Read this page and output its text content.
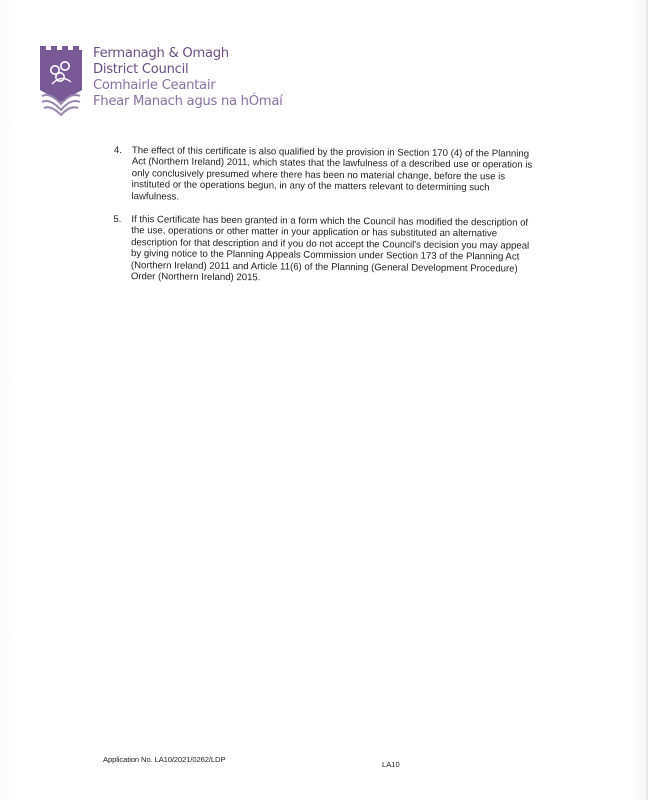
Fermanagh & Omagh
District Council
Comhairle Ceantair
Fhear Manach agus na hÓmaí
4.	The effect of this certificate is also qualified by the provision in Section 170 (4) of the Planning Act (Northern Ireland) 2011, which states that the lawfulness of a described use or operation is only conclusively presumed where there has been no material change, before the use is instituted or the operations begun, in any of the matters relevant to determining such lawfulness.
5.	If this Certificate has been granted in a form which the Council has modified the description of the use, operations or other matter in your application or has substituted an alternative description for that description and if you do not accept the Council's decision you may appeal by giving notice to the Planning Appeals Commission under Section 173 of the Planning Act (Northern Ireland) 2011 and Article 11(6) of the Planning (General Development Procedure) Order (Northern Ireland) 2015.
Application No. LA10/2021/0262/LDP
LA10
